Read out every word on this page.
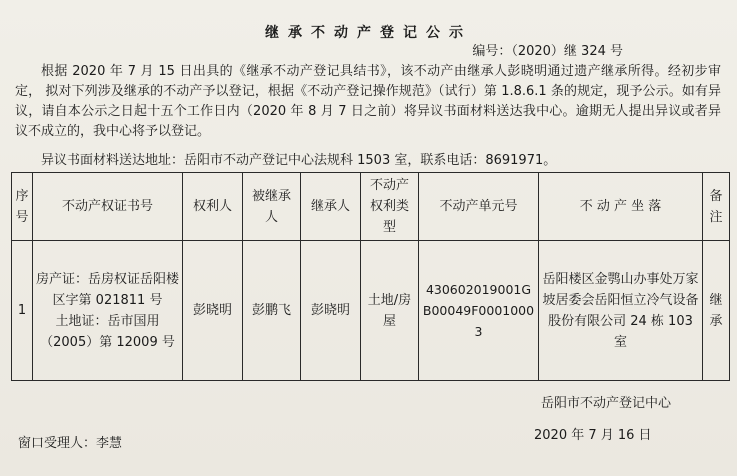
继承不动产登记公示
编号：（2020）继 324 号

根据 2020 年 7 月 15 日出具的《继承不动产登记具结书》，该不动产由继承人彭晓明通过遗产继承所得。经初步审定， 拟对下列涉及继承的不动产予以登记，根据《不动产登记操作规范》（试行）第 1.8.6.1 条的规定，现予公示。如有异议，请自本公示之日起十五个工作日内（2020 年 8 月 7 日之前）将异议书面材料送达我中心。逾期无人提出异议或者异议不成立的，我中心将予以登记。

异议书面材料送达地址：岳阳市不动产登记中心法规科 1503 室，联系电话：8691971。
序号	不动产权证书号	权利人	被继承人	继承人	不动产权利类型	不动产单元号	不 动 产 坐 落	备注
1	房产证：岳房权证岳阳楼区字第 021811 号
土地证：岳市国用（2005）第 12009 号	彭晓明	彭鹏飞	彭晓明	土地/房屋	430602019001GB00049F00010003	岳阳楼区金鹗山办事处万家坡居委会岳阳恒立冷气设备股份有限公司 24 栋 103 室	继承
岳阳市不动产登记中心
2020 年 7 月 16 日
窗口受理人：李慧
